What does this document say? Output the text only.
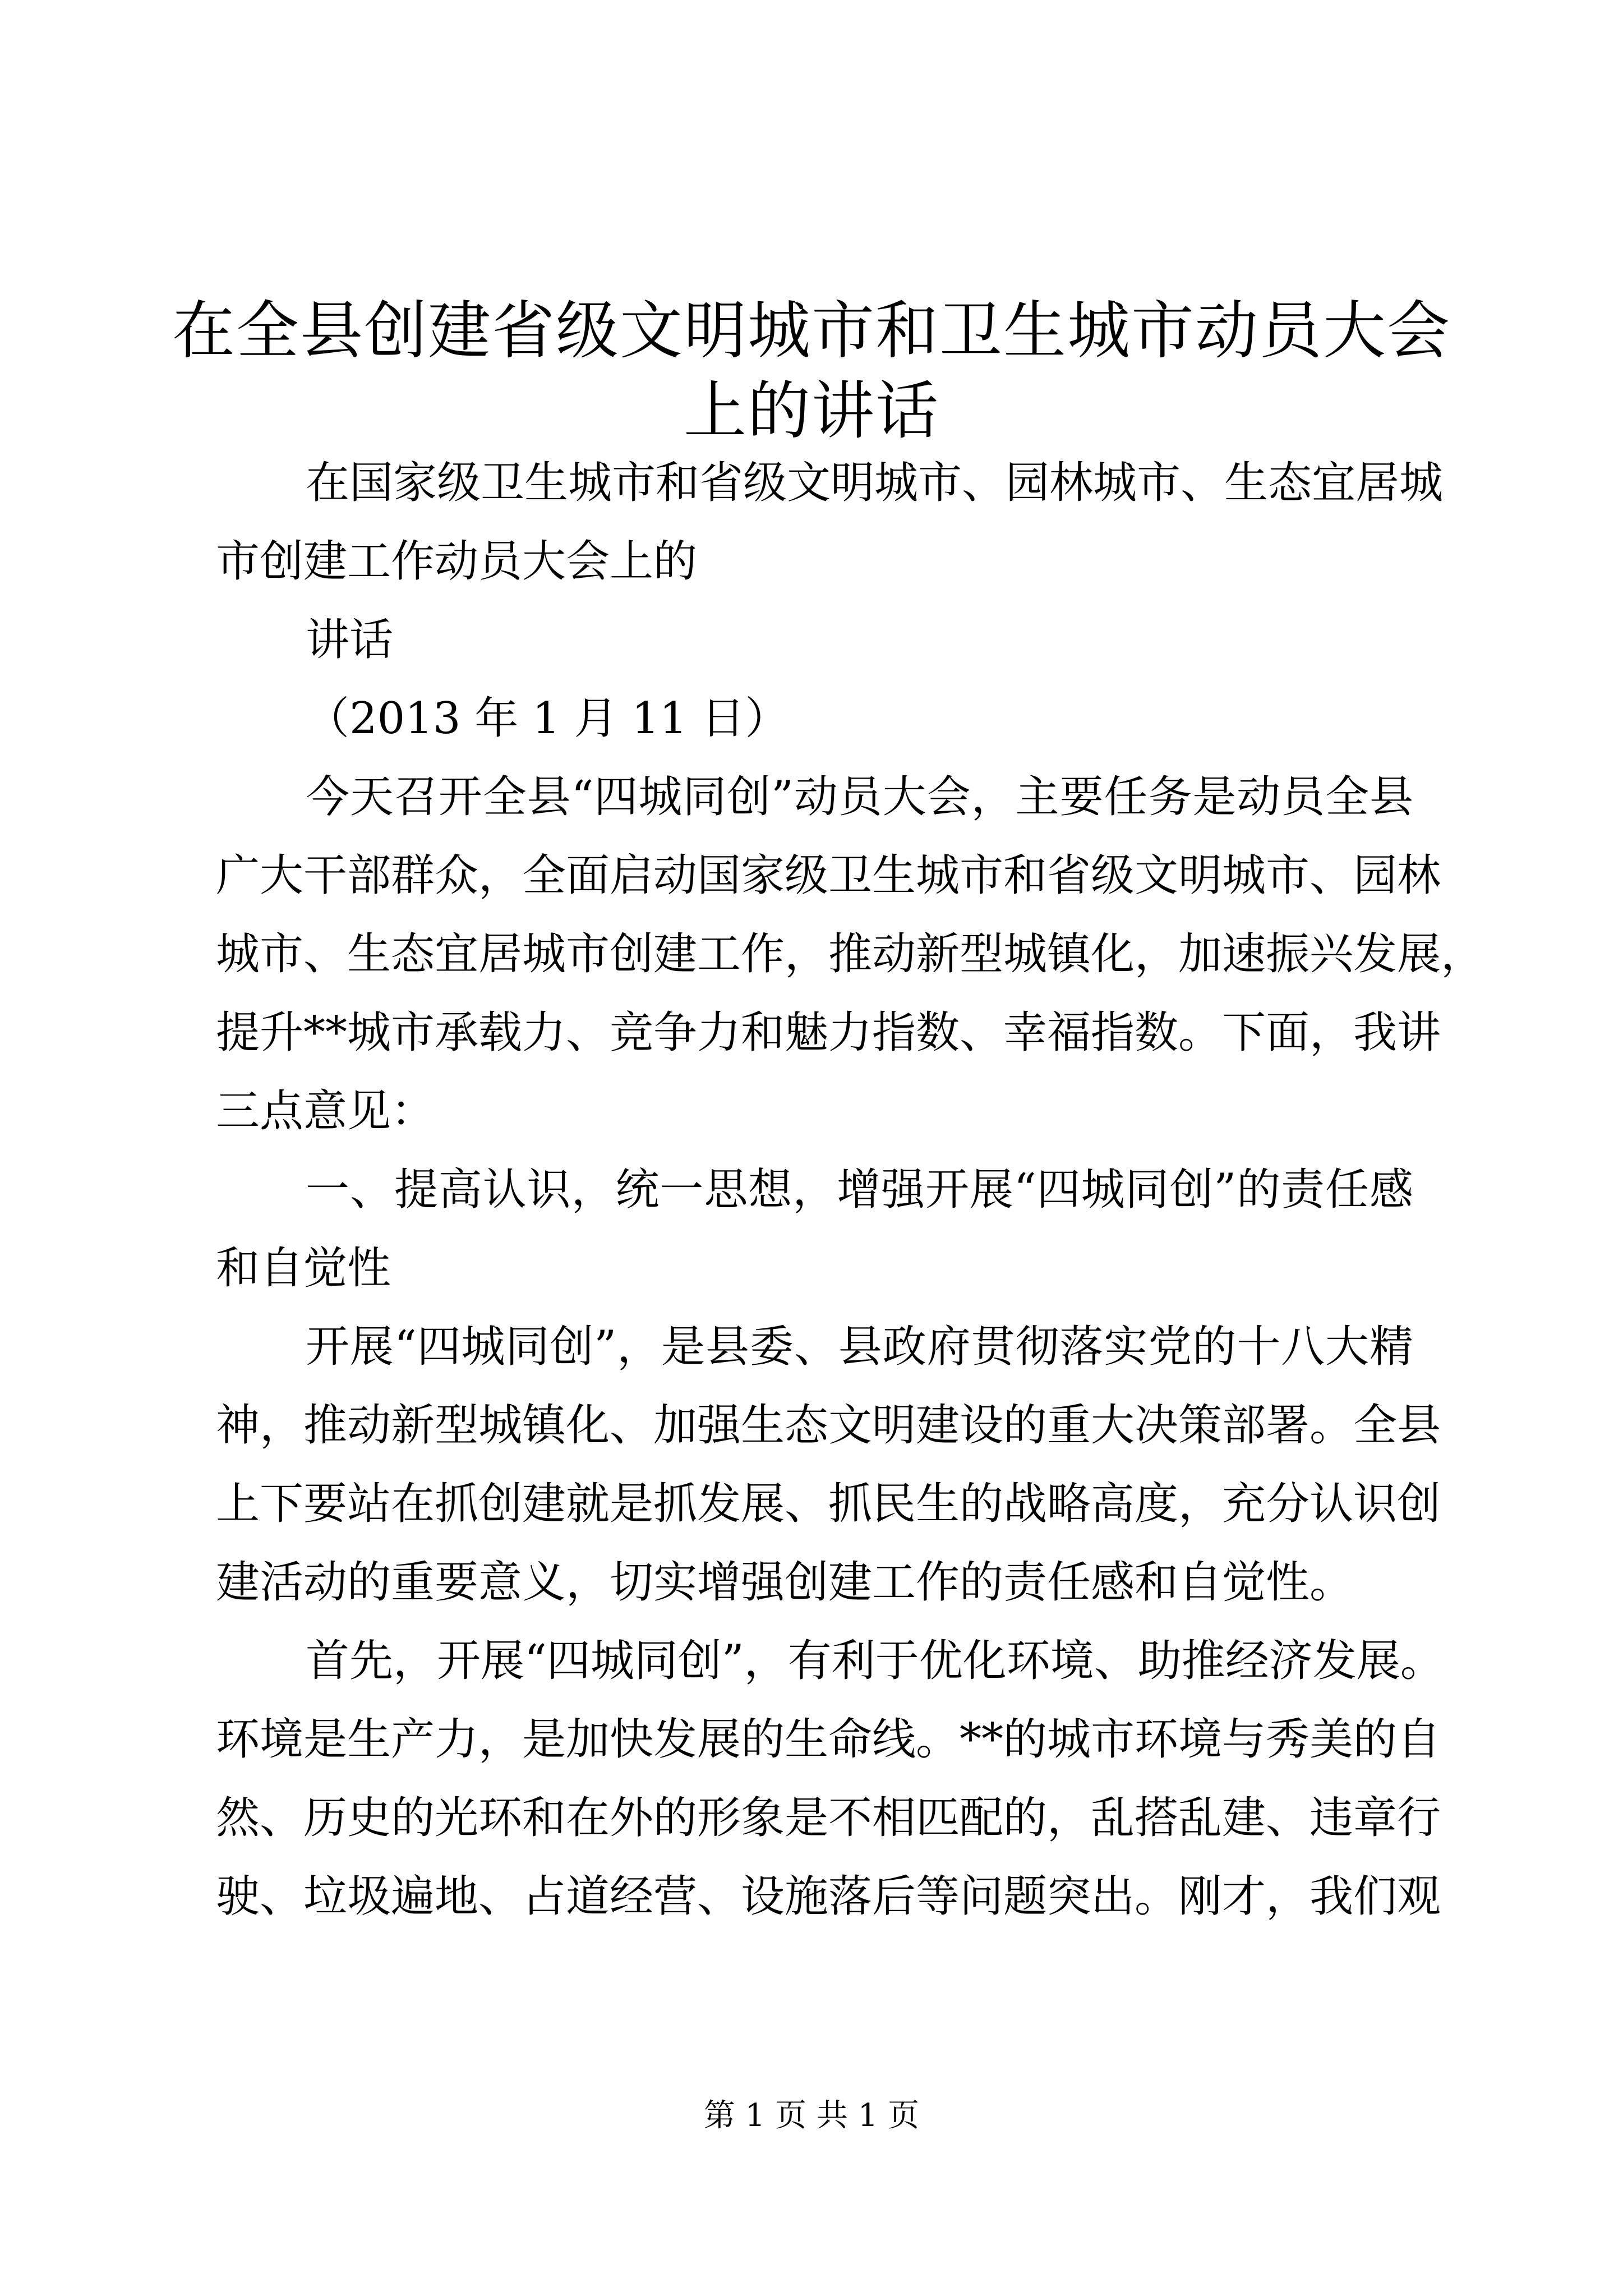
在全县创建省级文明城市和卫生城市动员大会
上的讲话
在国家级卫生城市和省级文明城市、园林城市、生态宜居城
市创建工作动员大会上的
讲话
（2013 年 1 月 11 日）
今天召开全县“四城同创”动员大会，主要任务是动员全县
广大干部群众，全面启动国家级卫生城市和省级文明城市、园林
城市、生态宜居城市创建工作，推动新型城镇化，加速振兴发展，
提升**城市承载力、竞争力和魅力指数、幸福指数。下面，我讲
三点意见：
一、提高认识，统一思想，增强开展“四城同创”的责任感
和自觉性
开展“四城同创”，是县委、县政府贯彻落实党的十八大精
神，推动新型城镇化、加强生态文明建设的重大决策部署。全县
上下要站在抓创建就是抓发展、抓民生的战略高度，充分认识创
建活动的重要意义，切实增强创建工作的责任感和自觉性。
首先，开展“四城同创”，有利于优化环境、助推经济发展。
环境是生产力，是加快发展的生命线。**的城市环境与秀美的自
然、历史的光环和在外的形象是不相匹配的，乱搭乱建、违章行
驶、垃圾遍地、占道经营、设施落后等问题突出。刚才，我们观
第 1 页 共 1 页
